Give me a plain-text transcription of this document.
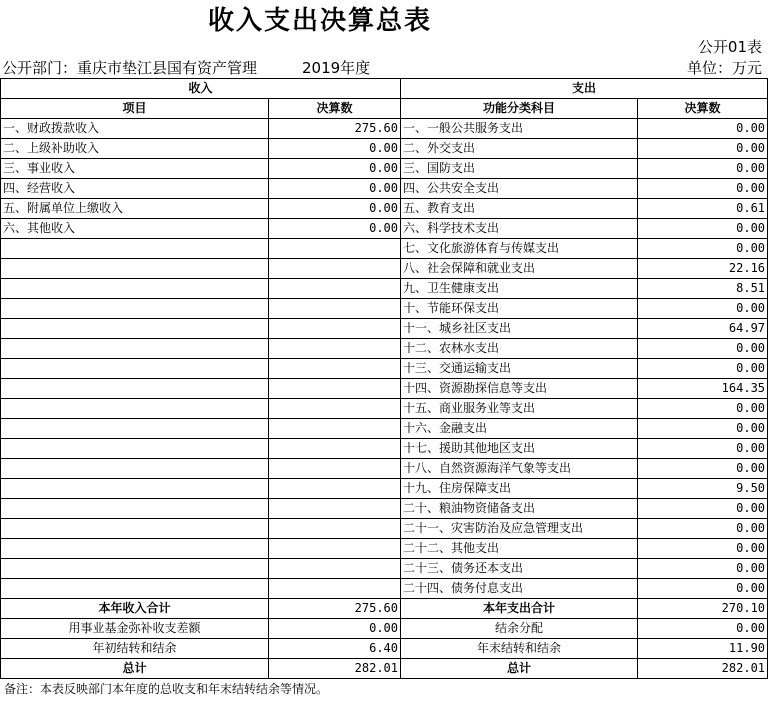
收入支出决算总表
公开01表
公开部门：重庆市垫江县国有资产管理	2019年度	单位：万元
收入		支出	
项目	决算数	功能分类科目	决算数
一、财政拨款收入	275.60	一、一般公共服务支出	0.00
二、上级补助收入	0.00	二、外交支出	0.00
三、事业收入	0.00	三、国防支出	0.00
四、经营收入	0.00	四、公共安全支出	0.00
五、附属单位上缴收入	0.00	五、教育支出	0.61
六、其他收入	0.00	六、科学技术支出	0.00
		七、文化旅游体育与传媒支出	0.00
		八、社会保障和就业支出	22.16
		九、卫生健康支出	8.51
		十、节能环保支出	0.00
		十一、城乡社区支出	64.97
		十二、农林水支出	0.00
		十三、交通运输支出	0.00
		十四、资源勘探信息等支出	164.35
		十五、商业服务业等支出	0.00
		十六、金融支出	0.00
		十七、援助其他地区支出	0.00
		十八、自然资源海洋气象等支出	0.00
		十九、住房保障支出	9.50
		二十、粮油物资储备支出	0.00
		二十一、灾害防治及应急管理支出	0.00
		二十二、其他支出	0.00
		二十三、债务还本支出	0.00
		二十四、债务付息支出	0.00
本年收入合计	275.60	本年支出合计	270.10
用事业基金弥补收支差额	0.00	结余分配	0.00
年初结转和结余	6.40	年末结转和结余	11.90
总计	282.01	总计	282.01
备注：本表反映部门本年度的总收支和年末结转结余等情况。
